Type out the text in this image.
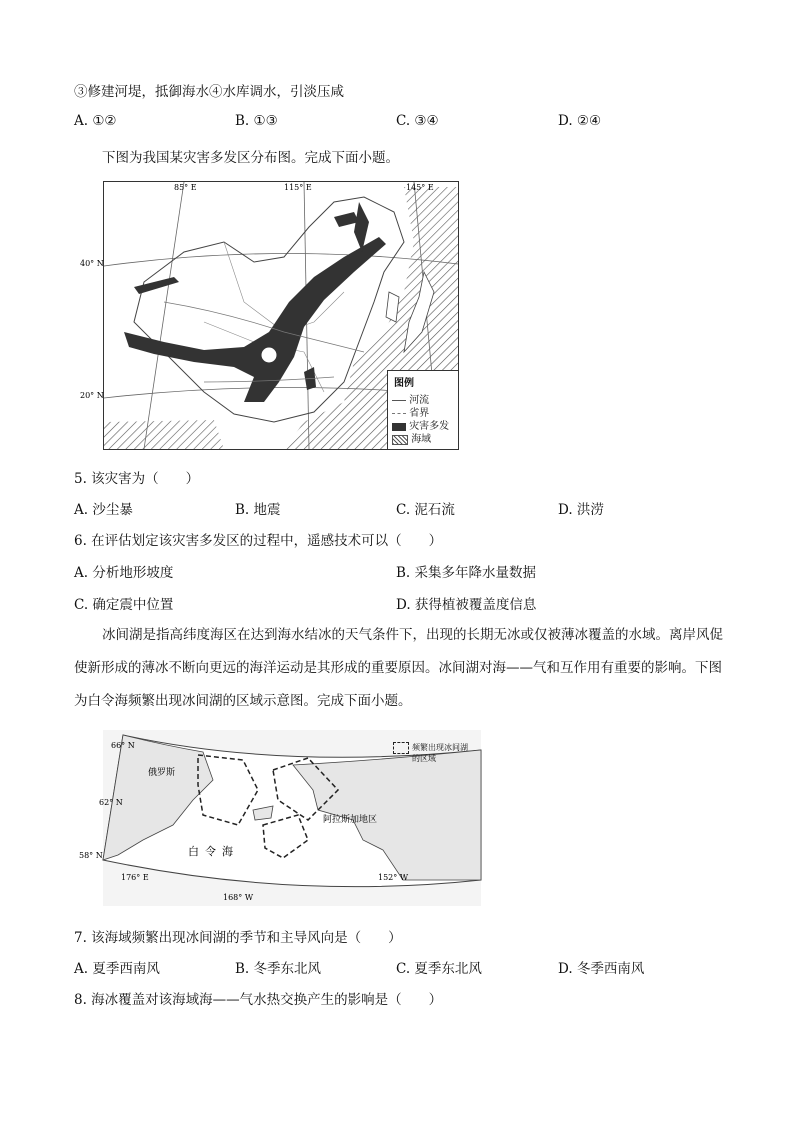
③修建河堤，抵御海水④水库调水，引淡压咸
A. ①②	B. ①③	C. ③④	D. ②④
下图为我国某灾害多发区分布图。完成下面小题。
85° E	115° E	145° E
40° N
20° N
图例
河流
省界
灾害多发
海域
5. 该灾害为（　　）
A. 沙尘暴	B. 地震	C. 泥石流	D. 洪涝
6. 在评估划定该灾害多发区的过程中，遥感技术可以（　　）
A. 分析地形坡度	B. 采集多年降水量数据
C. 确定震中位置	D. 获得植被覆盖度信息
冰间湖是指高纬度海区在达到海水结冰的天气条件下，出现的长期无冰或仅被薄冰覆盖的水域。离岸风促使新形成的薄冰不断向更远的海洋运动是其形成的重要原因。冰间湖对海——气和互作用有重要的影响。下图为白令海频繁出现冰间湖的区域示意图。完成下面小题。
66° N
62° N
58° N
176° E
168° W
152° W
俄罗斯
阿拉斯加地区
白令海
频繁出现冰间湖的区域
7. 该海域频繁出现冰间湖的季节和主导风向是（　　）
A. 夏季西南风	B. 冬季东北风	C. 夏季东北风	D. 冬季西南风
8. 海冰覆盖对该海域海——气水热交换产生的影响是（　　）
